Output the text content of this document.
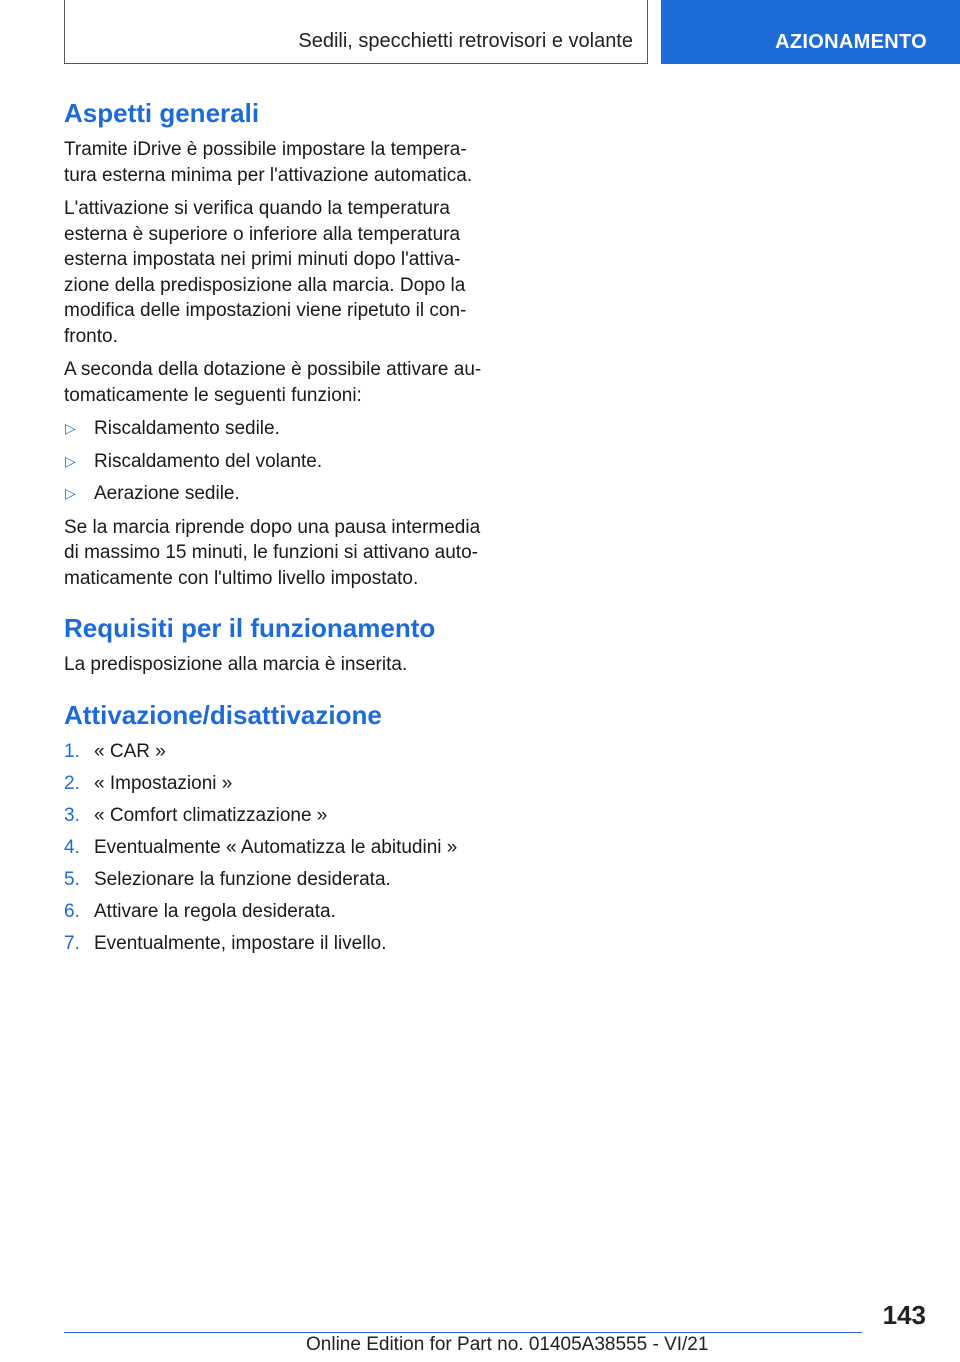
Sedili, specchietti retrovisori e volante	AZIONAMENTO
Aspetti generali

Tramite iDrive è possibile impostare la tempera-tura esterna minima per l'attivazione automatica.

L'attivazione si verifica quando la temperatura esterna è superiore o inferiore alla temperatura esterna impostata nei primi minuti dopo l'attiva-zione della predisposizione alla marcia. Dopo la modifica delle impostazioni viene ripetuto il con-fronto.

A seconda della dotazione è possibile attivare au-tomaticamente le seguenti funzioni:

▷ Riscaldamento sedile.
▷ Riscaldamento del volante.
▷ Aerazione sedile.

Se la marcia riprende dopo una pausa intermedia di massimo 15 minuti, le funzioni si attivano auto-maticamente con l'ultimo livello impostato.

Requisiti per il funzionamento

La predisposizione alla marcia è inserita.

Attivazione/disattivazione
1. « CAR »
2. « Impostazioni »
3. « Comfort climatizzazione »
4. Eventualmente « Automatizza le abitudini »
5. Selezionare la funzione desiderata.
6. Attivare la regola desiderata.
7. Eventualmente, impostare il livello.
143
Online Edition for Part no. 01405A38555 - VI/21
